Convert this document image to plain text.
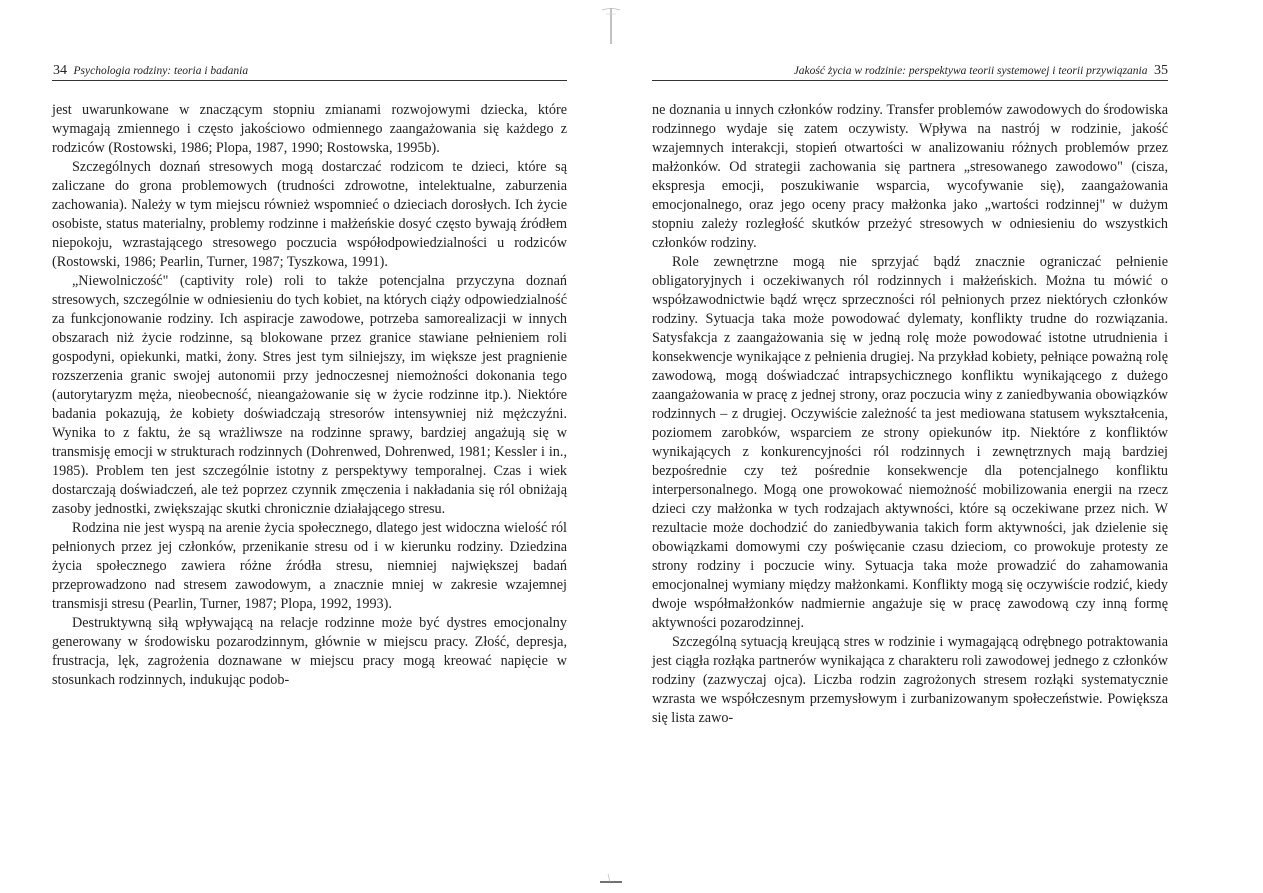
34 Psychologia rodziny: teoria i badania

jest uwarunkowane w znaczącym stopniu zmianami rozwojowymi dziecka, które wymagają zmiennego i często jakościowo odmiennego zaangażowania się każdego z rodziców (Rostowski, 1986; Plopa, 1987, 1990; Rostowska, 1995b).

Szczególnych doznań stresowych mogą dostarczać rodzicom te dzieci, które są zaliczane do grona problemowych (trudności zdrowotne, intelektualne, zaburzenia zachowania). Należy w tym miejscu również wspomnieć o dzieciach dorosłych. Ich życie osobiste, status materialny, problemy rodzinne i małżeńskie dosyć często bywają źródłem niepokoju, wzrastającego stresowego poczucia współodpowiedzialności u rodziców (Rostowski, 1986; Pearlin, Turner, 1987; Tyszkowa, 1991).

„Niewolniczość" (captivity role) roli to także potencjalna przyczyna doznań stresowych, szczególnie w odniesieniu do tych kobiet, na których ciąży odpowiedzialność za funkcjonowanie rodziny. Ich aspiracje zawodowe, potrzeba samorealizacji w innych obszarach niż życie rodzinne, są blokowane przez granice stawiane pełnieniem roli gospodyni, opiekunki, matki, żony. Stres jest tym silniejszy, im większe jest pragnienie rozszerzenia granic swojej autonomii przy jednoczesnej niemożności dokonania tego (autorytaryzm męża, nieobecność, nieangażowanie się w życie rodzinne itp.). Niektóre badania pokazują, że kobiety doświadczają stresorów intensywniej niż mężczyźni. Wynika to z faktu, że są wrażliwsze na rodzinne sprawy, bardziej angażują się w transmisję emocji w strukturach rodzinnych (Dohrenwed, Dohrenwed, 1981; Kessler i in., 1985). Problem ten jest szczególnie istotny z perspektywy temporalnej. Czas i wiek dostarczają doświadczeń, ale też poprzez czynnik zmęczenia i nakładania się ról obniżają zasoby jednostki, zwiększając skutki chronicznie działającego stresu.

Rodzina nie jest wyspą na arenie życia społecznego, dlatego jest widoczna wielość ról pełnionych przez jej członków, przenikanie stresu od i w kierunku rodziny. Dziedzina życia społecznego zawiera różne źródła stresu, niemniej największej badań przeprowadzono nad stresem zawodowym, a znacznie mniej w zakresie wzajemnej transmisji stresu (Pearlin, Turner, 1987; Plopa, 1992, 1993).

Destruktywną siłą wpływającą na relacje rodzinne może być dystres emocjonalny generowany w środowisku pozarodzinnym, głównie w miejscu pracy. Złość, depresja, frustracja, lęk, zagrożenia doznawane w miejscu pracy mogą kreować napięcie w stosunkach rodzinnych, indukując podob-

Jakość życia w rodzinie: perspektywa teorii systemowej i teorii przywiązania 35

ne doznania u innych członków rodziny. Transfer problemów zawodowych do środowiska rodzinnego wydaje się zatem oczywisty. Wpływa na nastrój w rodzinie, jakość wzajemnych interakcji, stopień otwartości w analizowaniu różnych problemów przez małżonków. Od strategii zachowania się partnera „stresowanego zawodowo" (cisza, ekspresja emocji, poszukiwanie wsparcia, wycofywanie się), zaangażowania emocjonalnego, oraz jego oceny pracy małżonka jako „wartości rodzinnej" w dużym stopniu zależy rozległość skutków przeżyć stresowych w odniesieniu do wszystkich członków rodziny.

Role zewnętrzne mogą nie sprzyjać bądź znacznie ograniczać pełnienie obligatoryjnych i oczekiwanych ról rodzinnych i małżeńskich. Można tu mówić o współzawodnictwie bądź wręcz sprzeczności ról pełnionych przez niektórych członków rodziny. Sytuacja taka może powodować dylematy, konflikty trudne do rozwiązania. Satysfakcja z zaangażowania się w jedną rolę może powodować istotne utrudnienia i konsekwencje wynikające z pełnienia drugiej. Na przykład kobiety, pełniące poważną rolę zawodową, mogą doświadczać intrapsychicznego konfliktu wynikającego z dużego zaangażowania w pracę z jednej strony, oraz poczucia winy z zaniedbywania obowiązków rodzinnych – z drugiej. Oczywiście zależność ta jest mediowana statusem wykształcenia, poziomem zarobków, wsparciem ze strony opiekunów itp. Niektóre z konfliktów wynikających z konkurencyjności ról rodzinnych i zewnętrznych mają bardziej bezpośrednie czy też pośrednie konsekwencje dla potencjalnego konfliktu interpersonalnego. Mogą one prowokować niemożność mobilizowania energii na rzecz dzieci czy małżonka w tych rodzajach aktywności, które są oczekiwane przez nich. W rezultacie może dochodzić do zaniedbywania takich form aktywności, jak dzielenie się obowiązkami domowymi czy poświęcanie czasu dzieciom, co prowokuje protesty ze strony rodziny i poczucie winy. Sytuacja taka może prowadzić do zahamowania emocjonalnej wymiany między małżonkami. Konflikty mogą się oczywiście rodzić, kiedy dwoje współmałżonków nadmiernie angażuje się w pracę zawodową czy inną formę aktywności pozarodzinnej.

Szczególną sytuacją kreującą stres w rodzinie i wymagającą odrębnego potraktowania jest ciągła rozłąka partnerów wynikająca z charakteru roli zawodowej jednego z członków rodziny (zazwyczaj ojca). Liczba rodzin zagrożonych stresem rozłąki systematycznie wzrasta we współczesnym przemysłowym i zurbanizowanym społeczeństwie. Powiększa się lista zawo-
